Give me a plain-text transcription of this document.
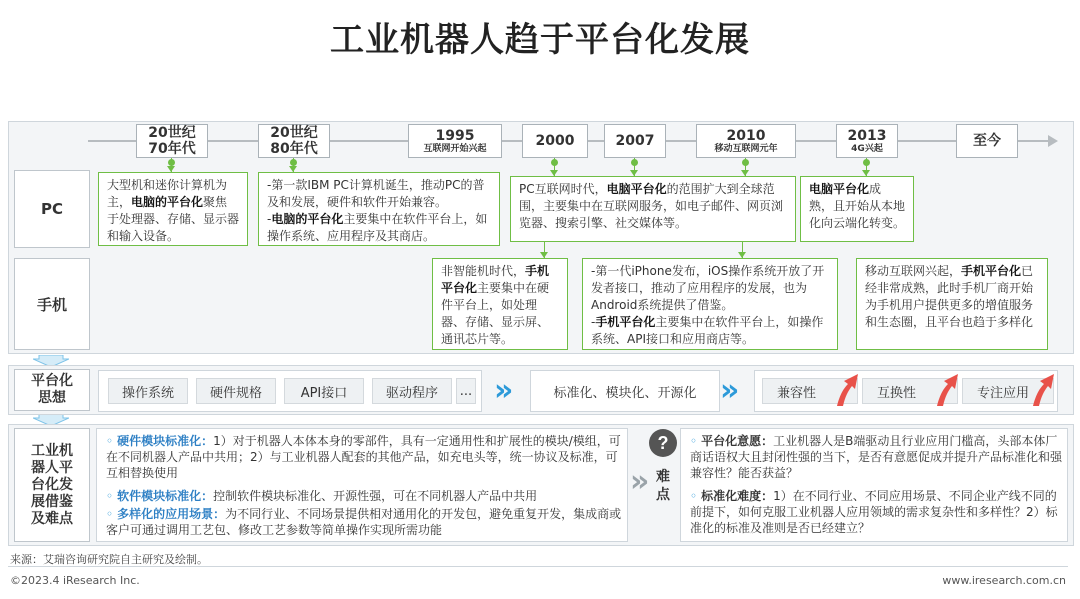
工业机器人趋于平台化发展
20世纪
70年代
20世纪
80年代
1995
互联网开始兴起	2000	2007	2010
移动互联网元年
2013
4G兴起	至今
PC
手机
大型机和迷你计算机为主，电脑的平台化聚焦于处理器、存储、显示器和输入设备。
-第一款IBM PC计算机诞生，推动PC的普及和发展，硬件和软件开始兼容。
-电脑的平台化主要集中在软件平台上，如操作系统、应用程序及其商店。
PC互联网时代，电脑平台化的范围扩大到全球范围，主要集中在互联网服务，如电子邮件、网页浏览器、搜索引擎、社交媒体等。
电脑平台化成熟，且开始从本地化向云端化转变。
非智能机时代，手机平台化主要集中在硬件平台上，如处理器、存储、显示屏、通讯芯片等。
-第一代iPhone发布，iOS操作系统开放了开发者接口，推动了应用程序的发展，也为Android系统提供了借鉴。
-手机平台化主要集中在软件平台上，如操作系统、API接口和应用商店等。
移动互联网兴起，手机平台化已经非常成熟，此时手机厂商开始为手机用户提供更多的增值服务和生态圈，且平台也趋于多样化
平台化
思想	操作系统	硬件规格	API接口	驱动程序	... »	标准化、模块化、开源化 »	兼容性	互换性	专注应用
工业机器人平台化发展借鉴及难点
◦ 硬件模块标准化：1）对于机器人本体本身的零部件，具有一定通用性和扩展性的模块/模组，可在不同机器人产品中共用；2）与工业机器人配套的其他产品，如充电头等，统一协议及标准，可互相替换使用
◦ 软件模块标准化：控制软件模块标准化、开源性强，可在不同机器人产品中共用
◦ 多样化的应用场景：为不同行业、不同场景提供相对通用化的开发包，避免重复开发，集成商或客户可通过调用工艺包、修改工艺参数等简单操作实现所需功能
»
?
难点
◦ 平台化意愿：工业机器人是B端驱动且行业应用门槛高，头部本体厂商话语权大且封闭性强的当下，是否有意愿促成并提升产品标准化和强兼容性？能否获益？
◦ 标准化难度：1）在不同行业、不同应用场景、不同企业产线不同的前提下，如何克服工业机器人应用领域的需求复杂性和多样性？2）标准化的标准及准则是否已经建立？
来源：艾瑞咨询研究院自主研究及绘制。
©2023.4 iResearch Inc.	www.iresearch.com.cn
